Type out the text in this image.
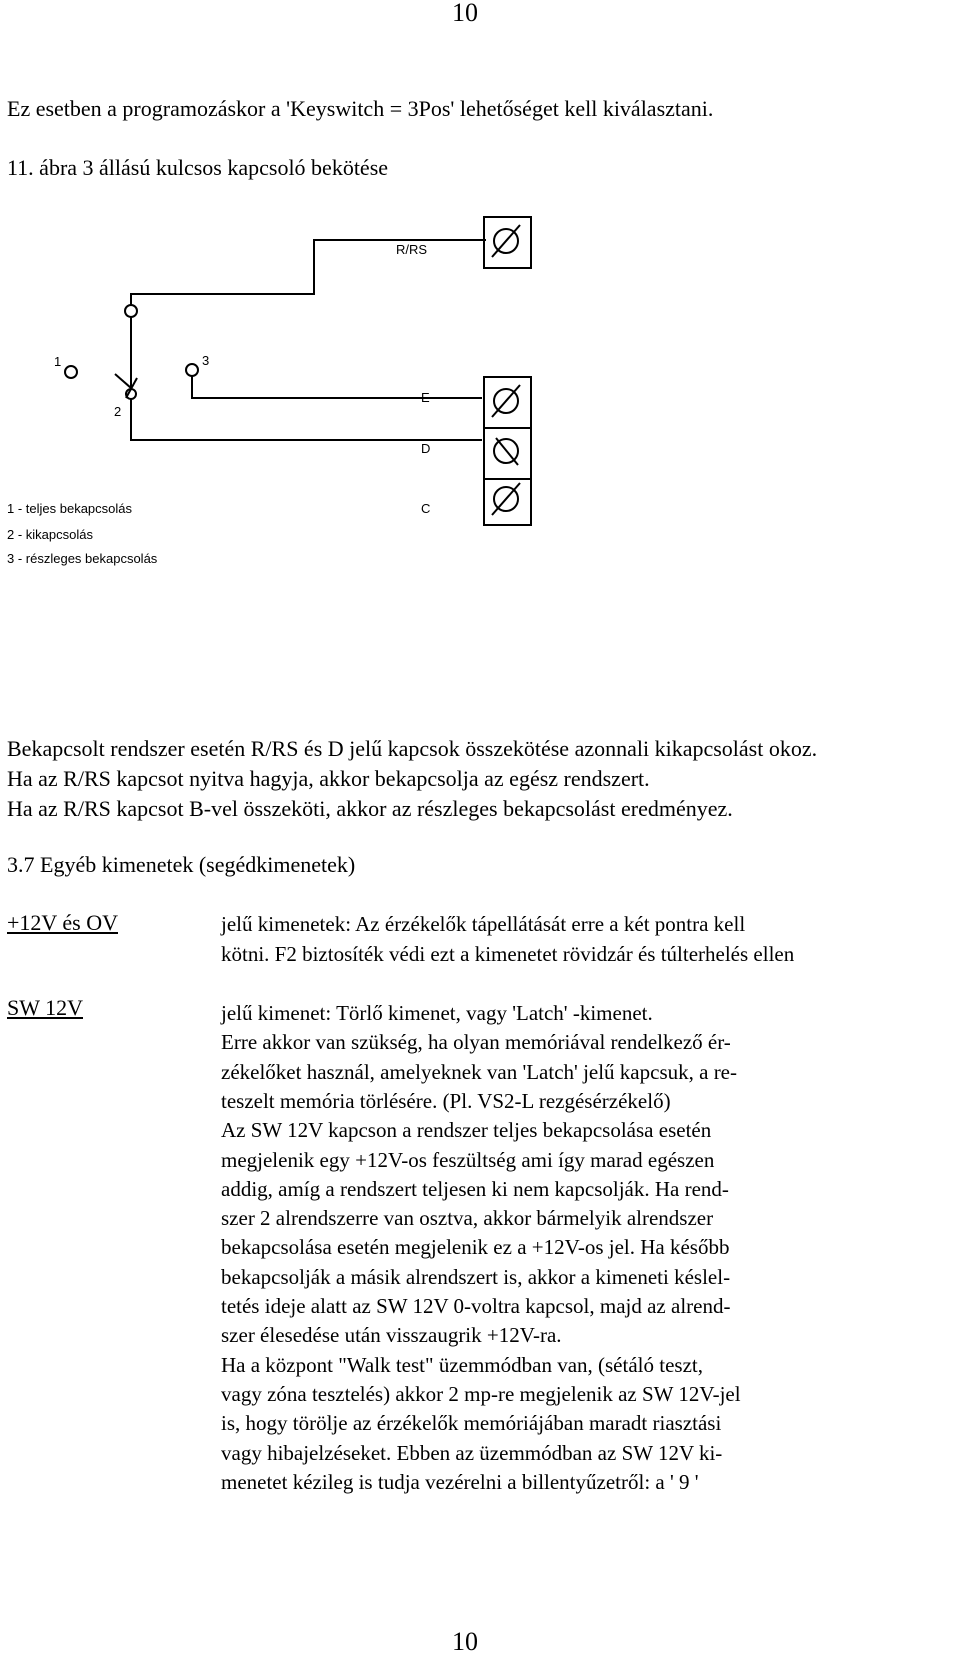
10
Ez esetben a programozáskor a 'Keyswitch = 3Pos' lehetőséget kell kiválasztani.
11. ábra 3 állású kulcsos kapcsoló bekötése
R/RS
1	3
2
E
D
C
1 - teljes bekapcsolás
2 - kikapcsolás
3 - részleges bekapcsolás
Bekapcsolt rendszer esetén R/RS és D jelű kapcsok összekötése azonnali kikapcsolást okoz.
Ha az R/RS kapcsot nyitva hagyja, akkor bekapcsolja az egész rendszert.
Ha az R/RS kapcsot B-vel összeköti, akkor az részleges bekapcsolást eredményez.
3.7 Egyéb kimenetek (segédkimenetek)
+12V és OV	jelű kimenetek: Az érzékelők tápellátását erre a két pontra kell
kötni. F2 biztosíték védi ezt a kimenetet rövidzár és túlterhelés ellen
SW 12V	jelű kimenet: Törlő kimenet, vagy 'Latch' -kimenet.
Erre akkor van szükség, ha olyan memóriával rendelkező ér-
zékelőket használ, amelyeknek van 'Latch' jelű kapcsuk, a re-
teszelt memória törlésére. (Pl. VS2-L rezgésérzékelő)
Az SW 12V kapcson a rendszer teljes bekapcsolása esetén
megjelenik egy +12V-os feszültség ami így marad egészen
addig, amíg a rendszert teljesen ki nem kapcsolják. Ha rend-
szer 2 alrendszerre van osztva, akkor bármelyik alrendszer
bekapcsolása esetén megjelenik ez a +12V-os jel. Ha később
bekapcsolják a másik alrendszert is, akkor a kimeneti késlel-
tetés ideje alatt az SW 12V 0-voltra kapcsol, majd az alrend-
szer élesedése után visszaugrik +12V-ra.
Ha a központ "Walk test" üzemmódban van, (sétáló teszt,
vagy zóna tesztelés) akkor 2 mp-re megjelenik az SW 12V-jel
is, hogy törölje az érzékelők memóriájában maradt riasztási
vagy hibajelzéseket. Ebben az üzemmódban az SW 12V ki-
menetet kézileg is tudja vezérelni a billentyűzetről: a ' 9 '
10
